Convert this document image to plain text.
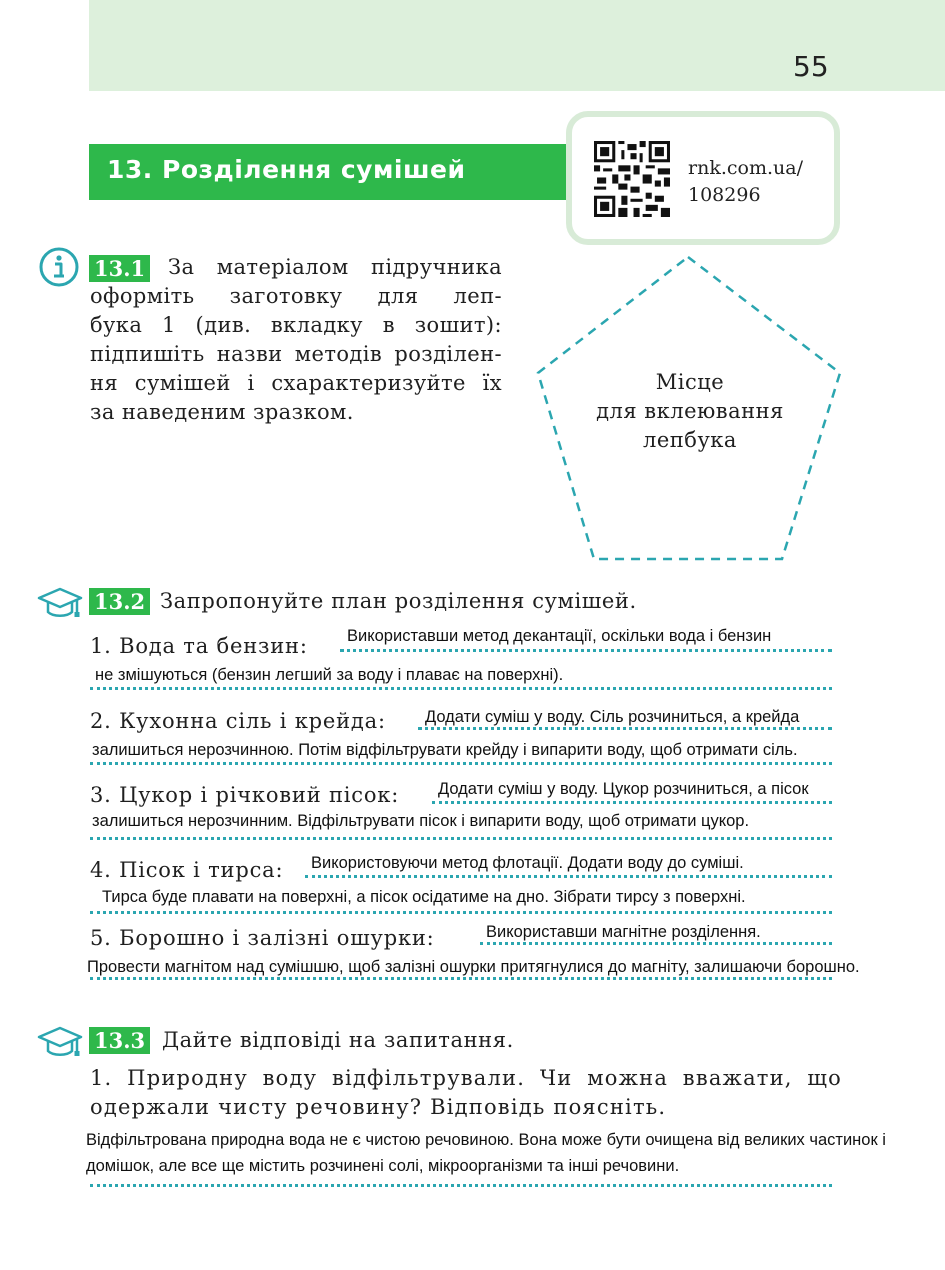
55
13. Розділення сумішей	rnk.com.ua/
108296
13.1	За матеріалом підручника
оформіть заготовку для леп-
бука 1 (див. вкладку в зошит):
підпишіть назви методів розділен-
ня сумішей і схарактеризуйте їх
за наведеним зразком.
Місце
для вклеювання
лепбука
13.2 Запропонуйте план розділення сумішей.
1. Вода та бензин: Використавши метод декантації, оскільки вода і бензин
не змішуються (бензин легший за воду і плаває на поверхні).
2. Кухонна сіль і крейда: Додати суміш у воду. Сіль розчиниться, а крейда
залишиться нерозчинною. Потім відфільтрувати крейду і випарити воду, щоб отримати сіль.
3. Цукор і річковий пісок: Додати суміш у воду. Цукор розчиниться, а пісок
залишиться нерозчинним. Відфільтрувати пісок і випарити воду, щоб отримати цукор.
4. Пісок і тирса: Використовуючи метод флотації. Додати воду до суміші.
Тирса буде плавати на поверхні, а пісок осідатиме на дно. Зібрати тирсу з поверхні.
5. Борошно і залізні ошурки:	Використавши магнітне розділення.
Провести магнітом над сумішшю, щоб залізні ошурки притягнулися до магніту, залишаючи борошно.
13.3 Дайте відповіді на запитання.
1. Природну воду відфільтрували. Чи можна вважати, що одержали чисту речовину? Відповідь поясніть.
Відфільтрована природна вода не є чистою речовиною. Вона може бути очищена від великих частинок і домішок, але все ще містить розчинені солі, мікроорганізми та інші речовини.
